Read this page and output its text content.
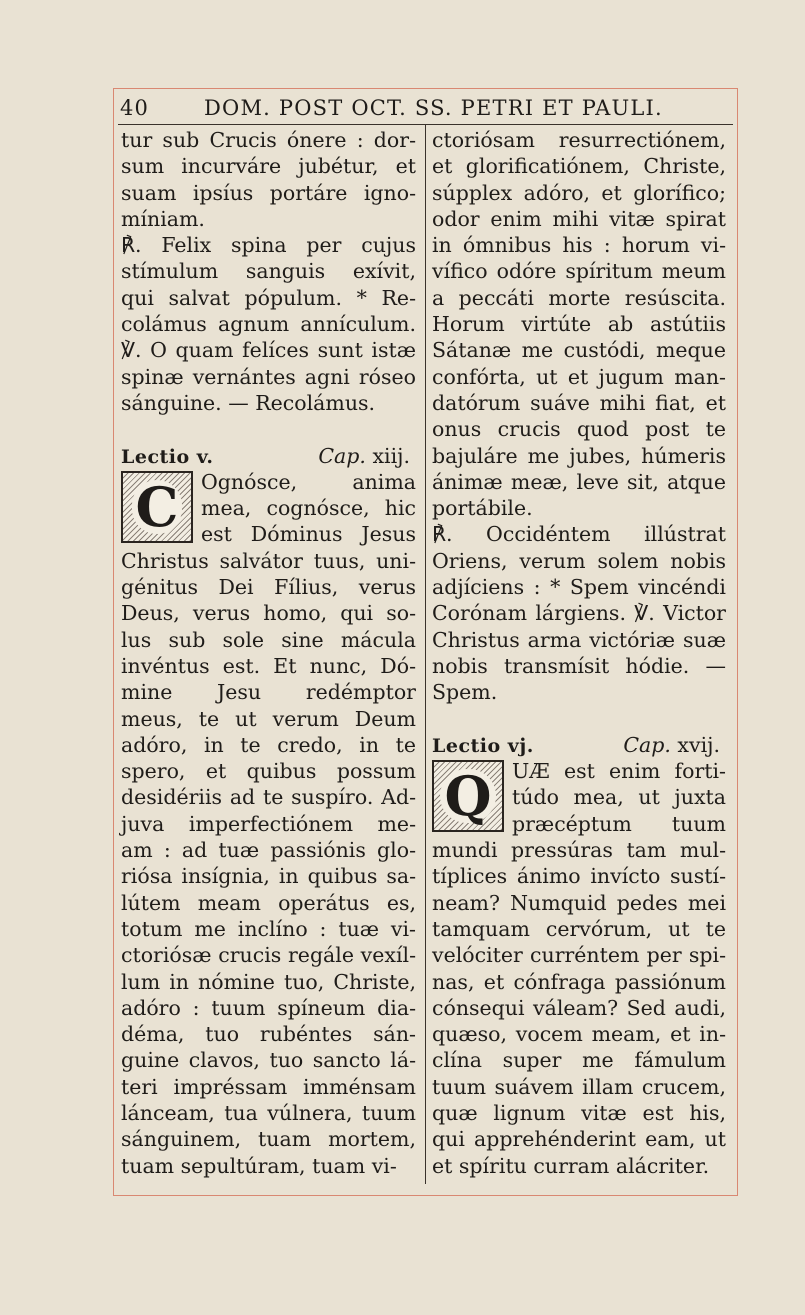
40	DOM. POST OCT. SS. PETRI ET PAULI.
tur sub Crucis ónere : dor-
sum incurváre jubétur, et
suam ipsíus portáre igno-
míniam.
℟. Felix spina per cujus
stímulum sanguis exívit,
qui salvat pópulum. * Re-
colámus agnum annículum.
℣. O quam felíces sunt istæ
spinæ vernántes agni róseo
sánguine. — Recolámus.
Lectio v.	Cap. xiij.
C	Ognósce, anima
mea, cognósce, hic
est Dóminus Jesus
Christus salvátor tuus, uni-
génitus Dei Fílius, verus
Deus, verus homo, qui so-
lus sub sole sine mácula
invéntus est. Et nunc, Dó-
mine Jesu redémptor
meus, te ut verum Deum
adóro, in te credo, in te
spero, et quibus possum
desidériis ad te suspíro. Ad-
juva imperfectiónem me-
am : ad tuæ passiónis glo-
riósa insígnia, in quibus sa-
lútem meam operátus es,
totum me inclíno : tuæ vi-
ctoriósæ crucis regále vexíl-
lum in nómine tuo, Christe,
adóro : tuum spíneum dia-
déma, tuo rubéntes sán-
guine clavos, tuo sancto lá-
teri impréssam imménsam
lánceam, tua vúlnera, tuum
sánguinem, tuam mortem,
tuam sepultúram, tuam vi-
ctoriósam resurrectiónem,
et glorificatiónem, Christe,
súpplex adóro, et glorífico;
odor enim mihi vitæ spirat
in ómnibus his : horum vi-
vífico odóre spíritum meum
a peccáti morte resúscita.
Horum virtúte ab astútiis
Sátanæ me custódi, meque
confórta, ut et jugum man-
datórum suáve mihi fiat, et
onus crucis quod post te
bajuláre me jubes, húmeris
ánimæ meæ, leve sit, atque
portábile.
℟. Occidéntem illústrat
Oriens, verum solem nobis
adjíciens : * Spem vincéndi
Corónam lárgiens. ℣. Victor
Christus arma victóriæ suæ
nobis transmísit hódie. —
Spem.
Lectio vj.	Cap. xvij.
Q UÆ est enim forti-
túdo mea, ut juxta
præcéptum tuum
mundi pressúras tam mul-
típlices ánimo invícto sustí-
neam? Numquid pedes mei
tamquam cervórum, ut te
velóciter curréntem per spi-
nas, et cónfraga passiónum
cónsequi váleam? Sed audi,
quæso, vocem meam, et in-
clína super me fámulum
tuum suávem illam crucem,
quæ lignum vitæ est his,
qui apprehénderint eam, ut
et spíritu curram alácriter.
